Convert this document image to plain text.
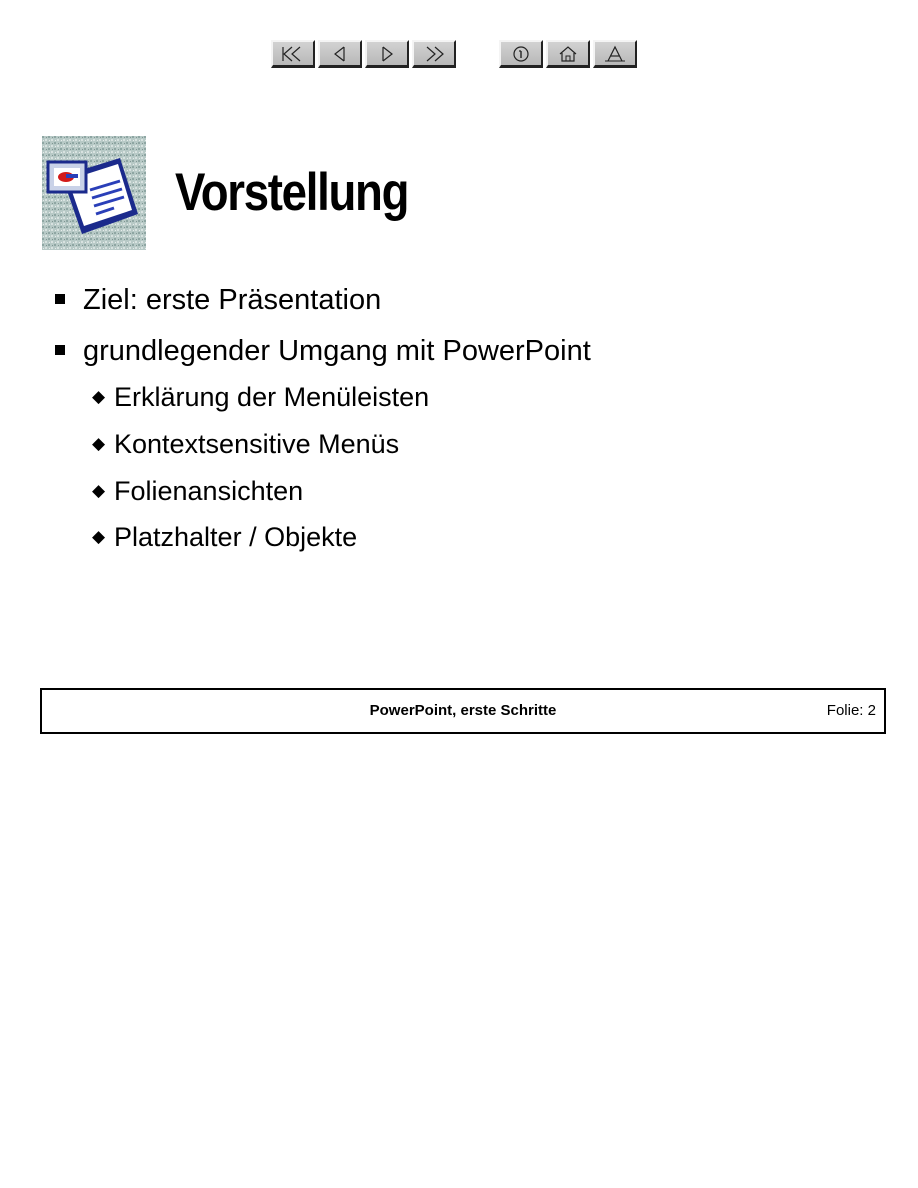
Vorstellung
Ziel: erste Präsentation
grundlegender Umgang mit PowerPoint
◆ Erklärung der Menüleisten
◆ Kontextsensitive Menüs
◆ Folienansichten
◆ Platzhalter / Objekte
PowerPoint, erste Schritte	Folie: 2
